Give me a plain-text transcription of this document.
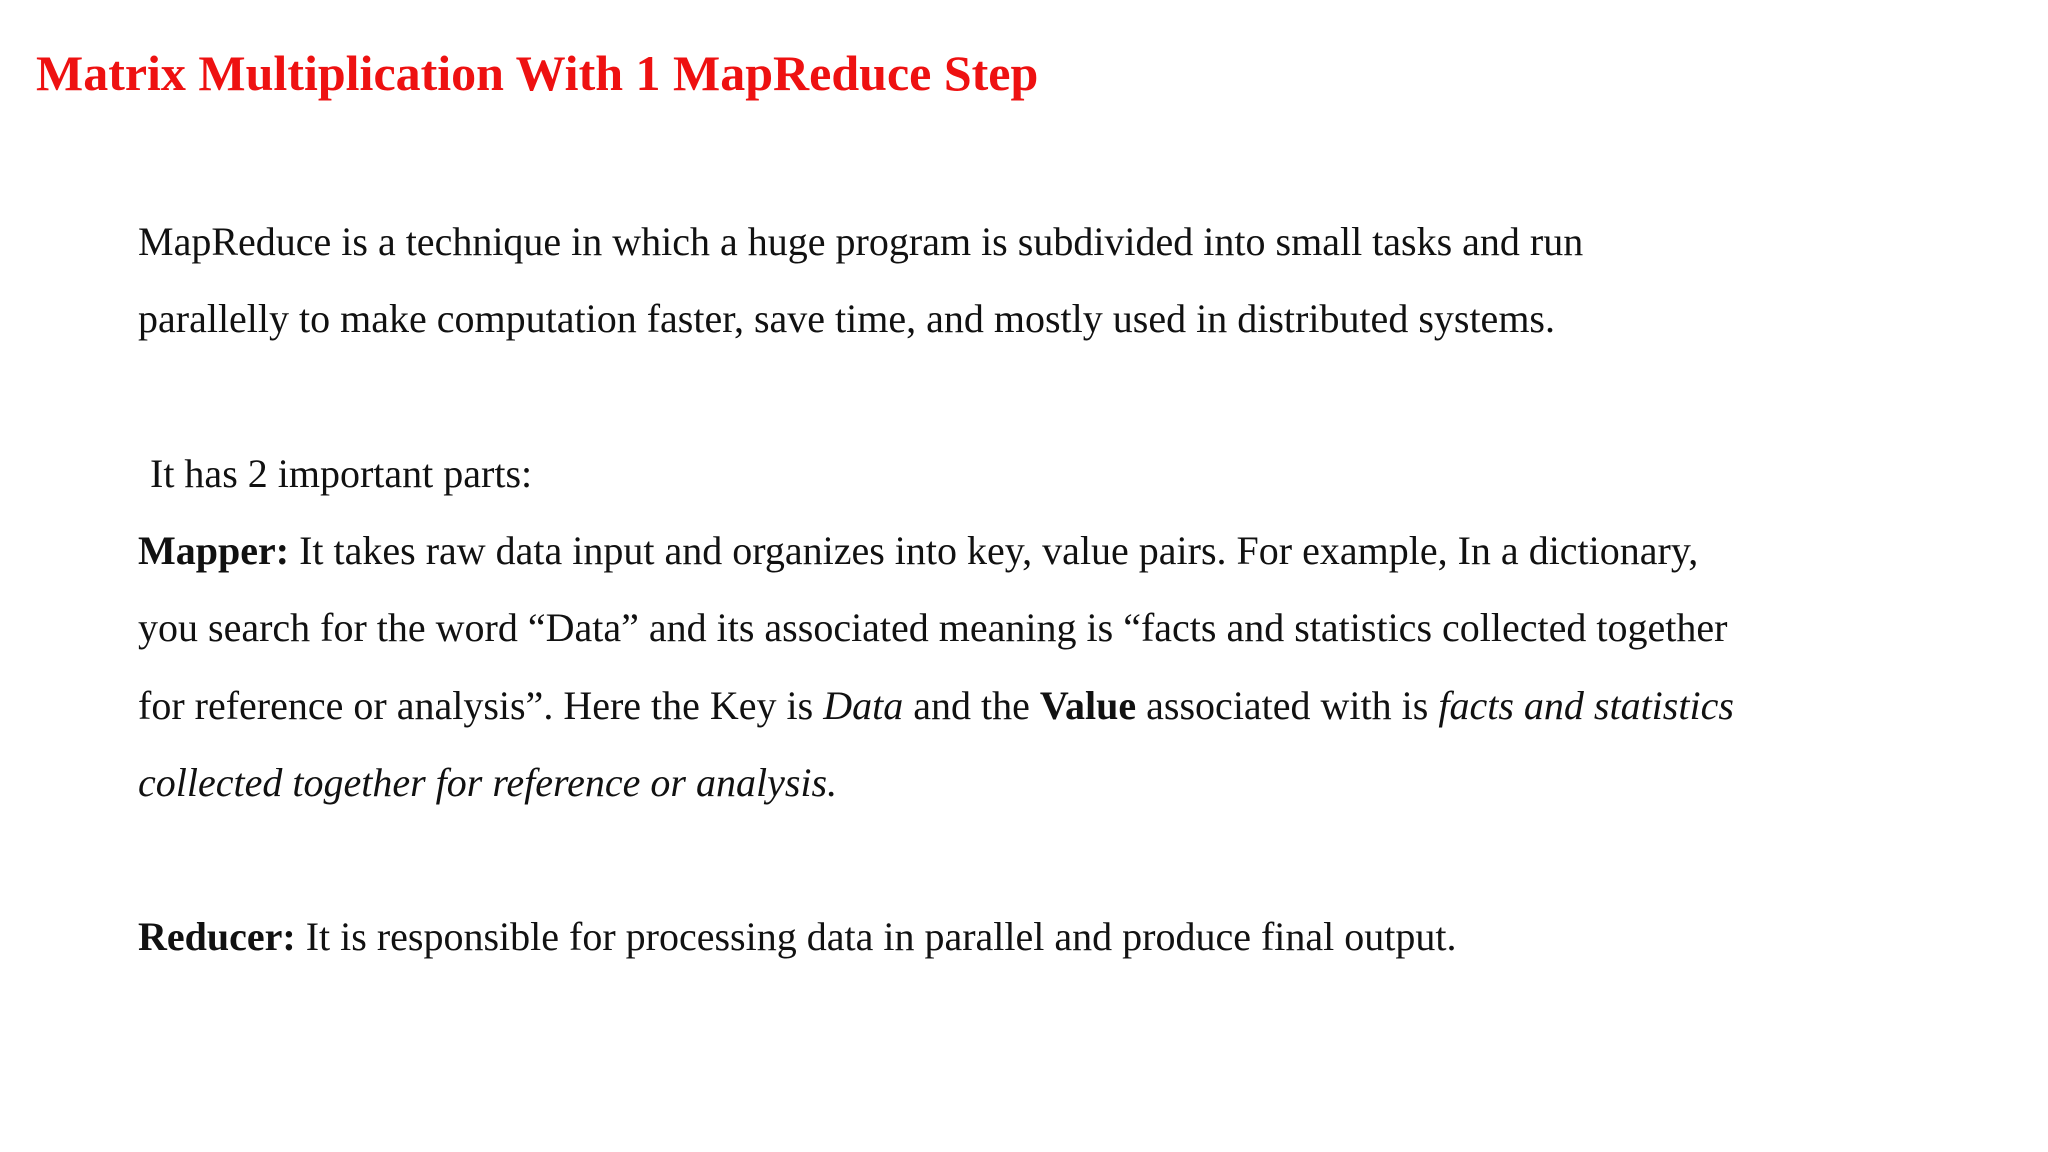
Matrix Multiplication With 1 MapReduce Step
MapReduce is a technique in which a huge program is subdivided into small tasks and run
parallelly to make computation faster, save time, and mostly used in distributed systems.
It has 2 important parts:
Mapper: It takes raw data input and organizes into key, value pairs. For example, In a dictionary,
you search for the word “Data” and its associated meaning is “facts and statistics collected together
for reference or analysis”. Here the Key is Data and the Value associated with is facts and statistics
collected together for reference or analysis.
Reducer: It is responsible for processing data in parallel and produce final output.
